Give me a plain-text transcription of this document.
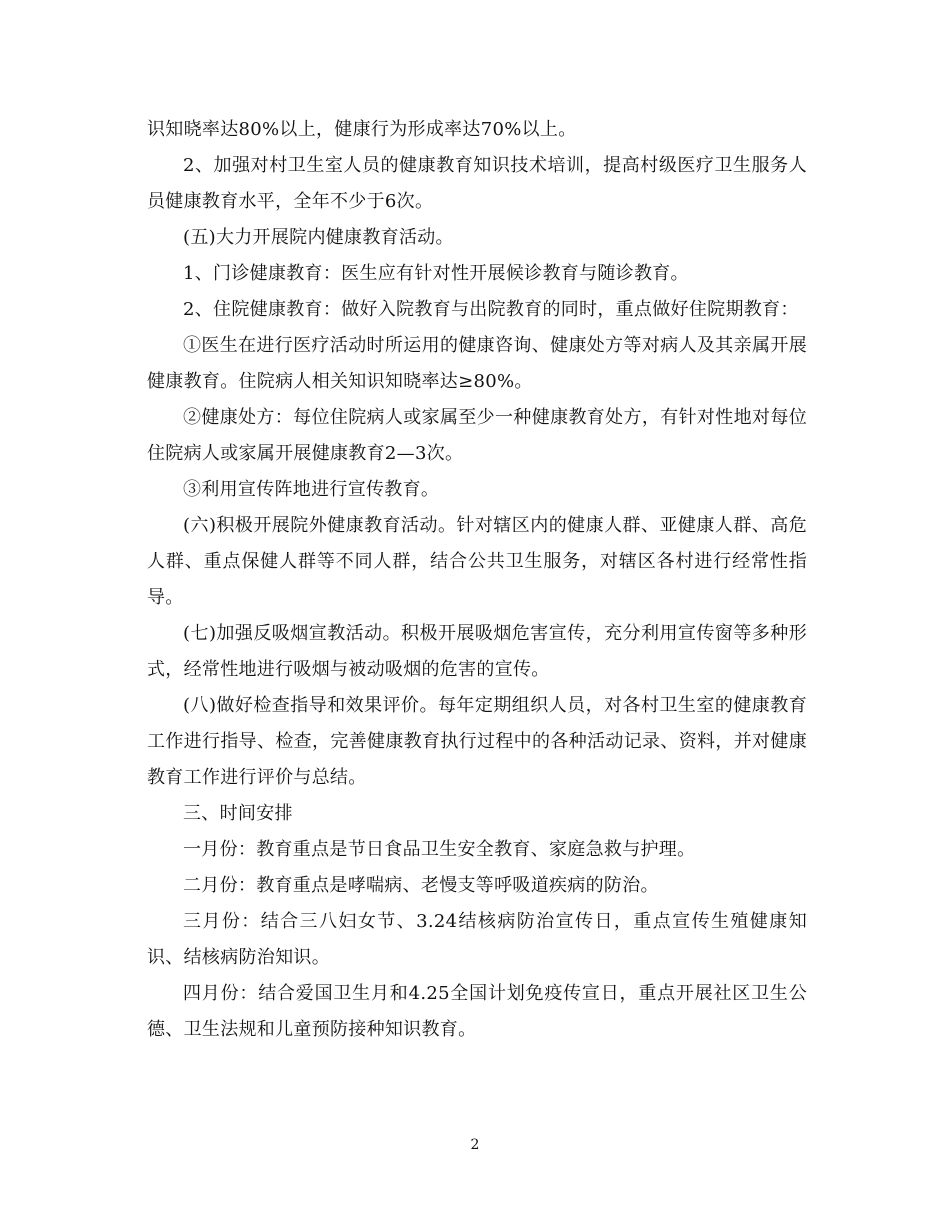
识知晓率达80%以上，健康行为形成率达70%以上。

2、加强对村卫生室人员的健康教育知识技术培训，提高村级医疗卫生服务人员健康教育水平，全年不少于6次。

(五)大力开展院内健康教育活动。

1、门诊健康教育：医生应有针对性开展候诊教育与随诊教育。

2、住院健康教育：做好入院教育与出院教育的同时，重点做好住院期教育：

①医生在进行医疗活动时所运用的健康咨询、健康处方等对病人及其亲属开展健康教育。住院病人相关知识知晓率达≥80%。

②健康处方：每位住院病人或家属至少一种健康教育处方，有针对性地对每位住院病人或家属开展健康教育2—3次。

③利用宣传阵地进行宣传教育。

(六)积极开展院外健康教育活动。针对辖区内的健康人群、亚健康人群、高危人群、重点保健人群等不同人群，结合公共卫生服务，对辖区各村进行经常性指导。

(七)加强反吸烟宣教活动。积极开展吸烟危害宣传，充分利用宣传窗等多种形式，经常性地进行吸烟与被动吸烟的危害的宣传。

(八)做好检查指导和效果评价。每年定期组织人员，对各村卫生室的健康教育工作进行指导、检查，完善健康教育执行过程中的各种活动记录、资料，并对健康教育工作进行评价与总结。

三、时间安排

一月份：教育重点是节日食品卫生安全教育、家庭急救与护理。

二月份：教育重点是哮喘病、老慢支等呼吸道疾病的防治。

三月份：结合三八妇女节、3.24结核病防治宣传日，重点宣传生殖健康知识、结核病防治知识。

四月份：结合爱国卫生月和4.25全国计划免疫传宣日，重点开展社区卫生公德、卫生法规和儿童预防接种知识教育。

2
